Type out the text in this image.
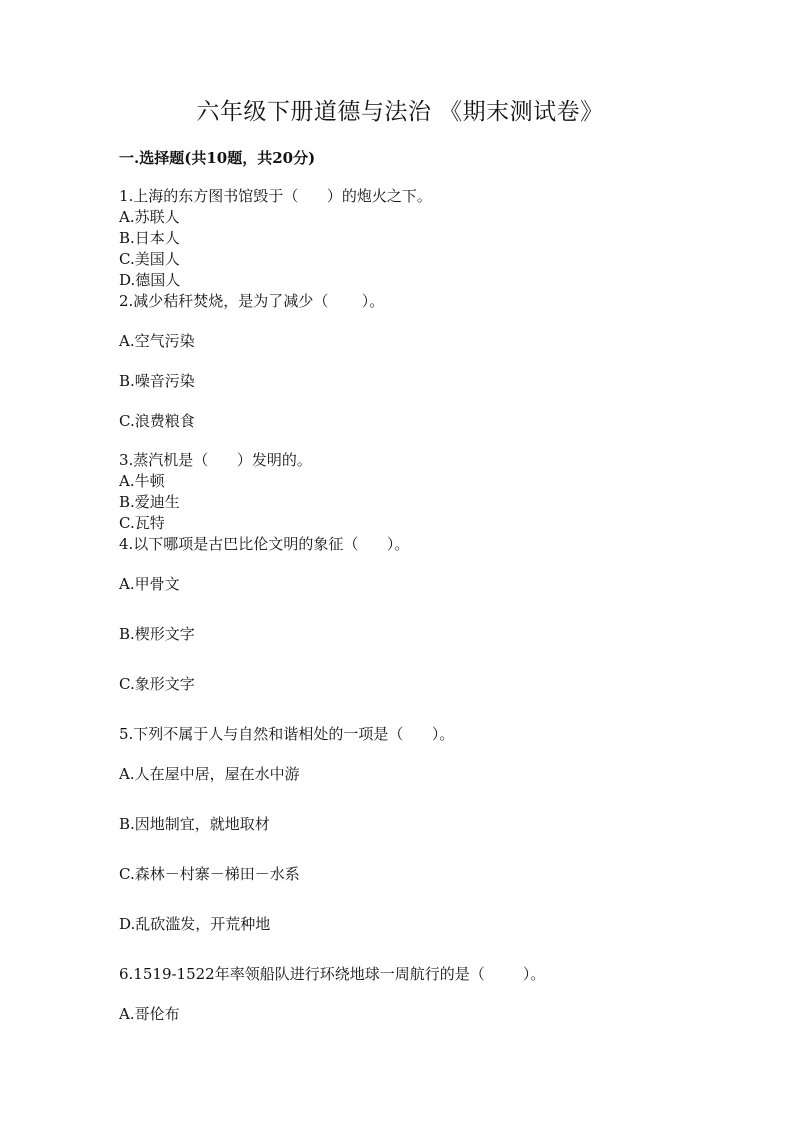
六年级下册道德与法治 《期末测试卷》
一.选择题(共10题，共20分)
1.上海的东方图书馆毁于（      ）的炮火之下。
A.苏联人
B.日本人
C.美国人
D.德国人
2.减少秸秆焚烧，是为了减少（       ）。
A.空气污染
B.噪音污染
C.浪费粮食
3.蒸汽机是（      ）发明的。
A.牛顿
B.爱迪生
C.瓦特
4.以下哪项是古巴比伦文明的象征（      ）。
A.甲骨文
B.楔形文字
C.象形文字
5.下列不属于人与自然和谐相处的一项是（      ）。
A.人在屋中居，屋在水中游
B.因地制宜，就地取材
C.森林－村寨－梯田－水系
D.乱砍滥发，开荒种地
6.1519-1522年率领船队进行环绕地球一周航行的是（        ）。
A.哥伦布
